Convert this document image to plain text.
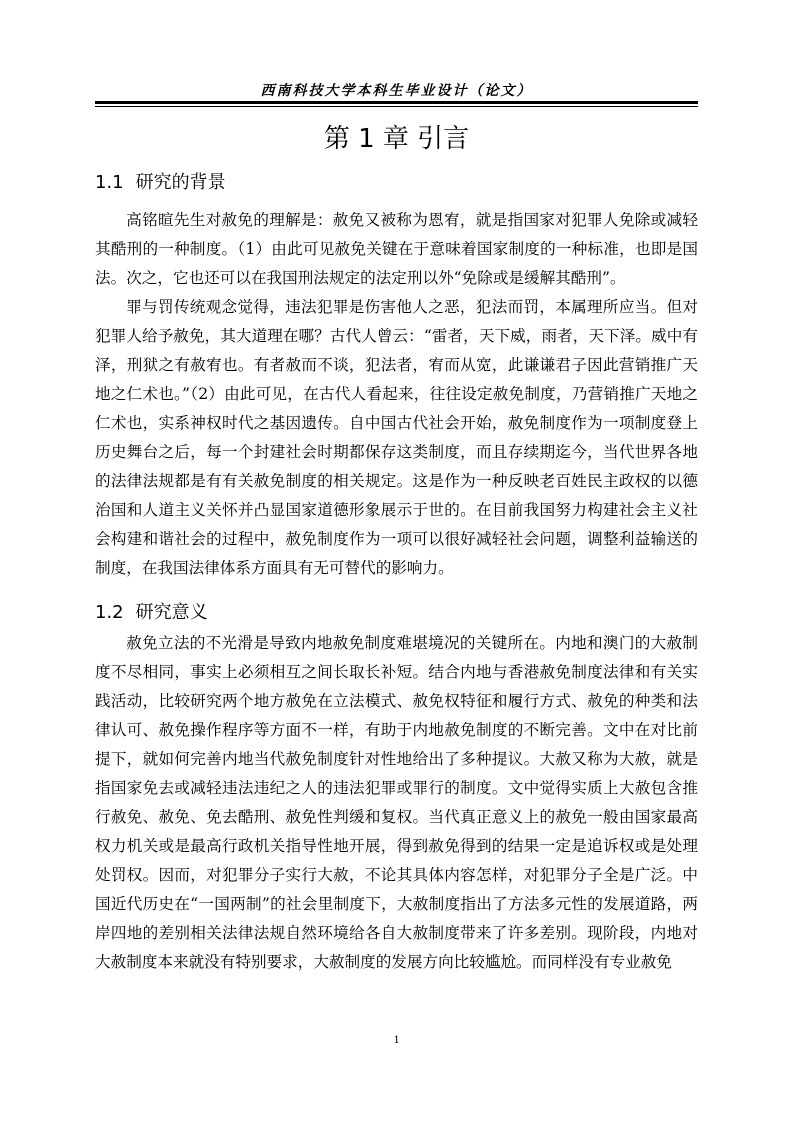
西南科技大学本科生毕业设计（论文）
第 1 章 引言
1.1 研究的背景

高铭暄先生对赦免的理解是：赦免又被称为恩宥，就是指国家对犯罪人免除或减轻其酷刑的一种制度。（1）由此可见赦免关键在于意味着国家制度的一种标准，也即是国法。次之，它也还可以在我国刑法规定的法定刑以外“免除或是缓解其酷刑”。

罪与罚传统观念觉得，违法犯罪是伤害他人之恶，犯法而罚，本属理所应当。但对犯罪人给予赦免，其大道理在哪？古代人曾云：“雷者，天下威，雨者，天下泽。威中有泽，刑狱之有赦宥也。有者赦而不谈，犯法者，宥而从宽，此谦谦君子因此营销推广天地之仁术也。”（2）由此可见，在古代人看起来，往往设定赦免制度，乃营销推广天地之仁术也，实系神权时代之基因遗传。自中国古代社会开始，赦免制度作为一项制度登上历史舞台之后，每一个封建社会时期都保存这类制度，而且存续期迄今，当代世界各地的法律法规都是有有关赦免制度的相关规定。这是作为一种反映老百姓民主政权的以德治国和人道主义关怀并凸显国家道德形象展示于世的。在目前我国努力构建社会主义社会构建和谐社会的过程中，赦免制度作为一项可以很好减轻社会问题，调整利益输送的制度，在我国法律体系方面具有无可替代的影响力。

1.2 研究意义

赦免立法的不光滑是导致内地赦免制度难堪境况的关键所在。内地和澳门的大赦制度不尽相同，事实上必须相互之间长取长补短。结合内地与香港赦免制度法律和有关实践活动，比较研究两个地方赦免在立法模式、赦免权特征和履行方式、赦免的种类和法律认可、赦免操作程序等方面不一样，有助于内地赦免制度的不断完善。文中在对比前提下，就如何完善内地当代赦免制度针对性地给出了多种提议。大赦又称为大赦，就是指国家免去或减轻违法违纪之人的违法犯罪或罪行的制度。文中觉得实质上大赦包含推行赦免、赦免、免去酷刑、赦免性判缓和复权。当代真正意义上的赦免一般由国家最高权力机关或是最高行政机关指导性地开展，得到赦免得到的结果一定是追诉权或是处理处罚权。因而，对犯罪分子实行大赦，不论其具体内容怎样，对犯罪分子全是广泛。中国近代历史在“一国两制”的社会里制度下，大赦制度指出了方法多元性的发展道路，两岸四地的差别相关法律法规自然环境给各自大赦制度带来了许多差别。现阶段，内地对大赦制度本来就没有特别要求，大赦制度的发展方向比较尴尬。而同样没有专业赦免

1
